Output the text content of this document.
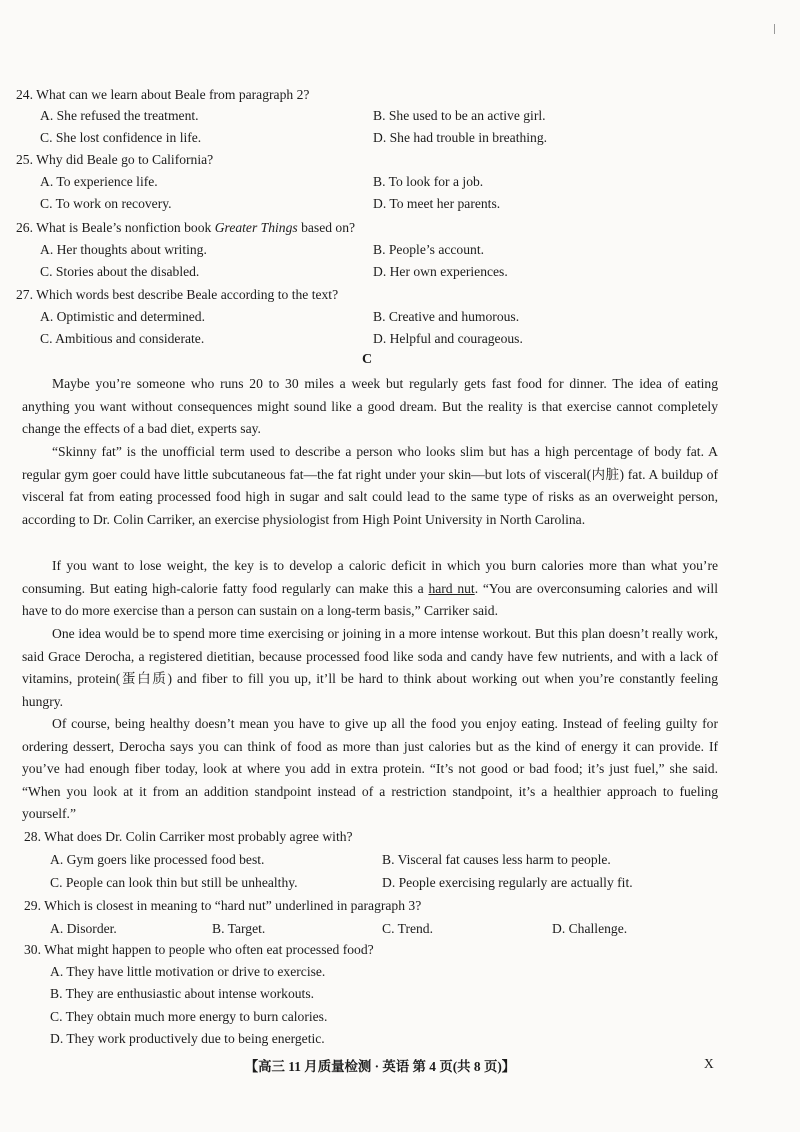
24. What can we learn about Beale from paragraph 2?
A. She refused the treatment.	B. She used to be an active girl.
C. She lost confidence in life.	D. She had trouble in breathing.
25. Why did Beale go to California?
A. To experience life.	B. To look for a job.
C. To work on recovery.	D. To meet her parents.
26. What is Beale’s nonfiction book Greater Things based on?
A. Her thoughts about writing.	B. People’s account.
C. Stories about the disabled.	D. Her own experiences.
27. Which words best describe Beale according to the text?
A. Optimistic and determined.	B. Creative and humorous.
C. Ambitious and considerate.	D. Helpful and courageous.
C
Maybe you’re someone who runs 20 to 30 miles a week but regularly gets fast food for dinner. The idea of eating anything you want without consequences might sound like a good dream. But the reality is that exercise cannot completely change the effects of a bad diet, experts say.
“Skinny fat” is the unofficial term used to describe a person who looks slim but has a high percentage of body fat. A regular gym goer could have little subcutaneous fat—the fat right under your skin—but lots of visceral(内脏) fat. A buildup of visceral fat from eating processed food high in sugar and salt could lead to the same type of risks as an overweight person, according to Dr. Colin Carriker, an exercise physiologist from High Point University in North Carolina.
If you want to lose weight, the key is to develop a caloric deficit in which you burn calories more than what you’re consuming. But eating high-calorie fatty food regularly can make this a hard nut. “You are overconsuming calories and will have to do more exercise than a person can sustain on a long-term basis,” Carriker said.
One idea would be to spend more time exercising or joining in a more intense workout. But this plan doesn’t really work, said Grace Derocha, a registered dietitian, because processed food like soda and candy have few nutrients, and with a lack of vitamins, protein(蛋白质) and fiber to fill you up, it’ll be hard to think about working out when you’re constantly feeling hungry.
Of course, being healthy doesn’t mean you have to give up all the food you enjoy eating. Instead of feeling guilty for ordering dessert, Derocha says you can think of food as more than just calories but as the kind of energy it can provide. If you’ve had enough fiber today, look at where you add in extra protein. “It’s not good or bad food; it’s just fuel,” she said. “When you look at it from an addition standpoint instead of a restriction standpoint, it’s a healthier approach to fueling yourself.”
28. What does Dr. Colin Carriker most probably agree with?
A. Gym goers like processed food best.	B. Visceral fat causes less harm to people.
C. People can look thin but still be unhealthy.	D. People exercising regularly are actually fit.
29. Which is closest in meaning to “hard nut” underlined in paragraph 3?
A. Disorder.	B. Target.	C. Trend.	D. Challenge.
30. What might happen to people who often eat processed food?
A. They have little motivation or drive to exercise.
B. They are enthusiastic about intense workouts.
C. They obtain much more energy to burn calories.
D. They work productively due to being energetic.
【高三 11 月质量检测 · 英语 第 4 页(共 8 页)】	X
